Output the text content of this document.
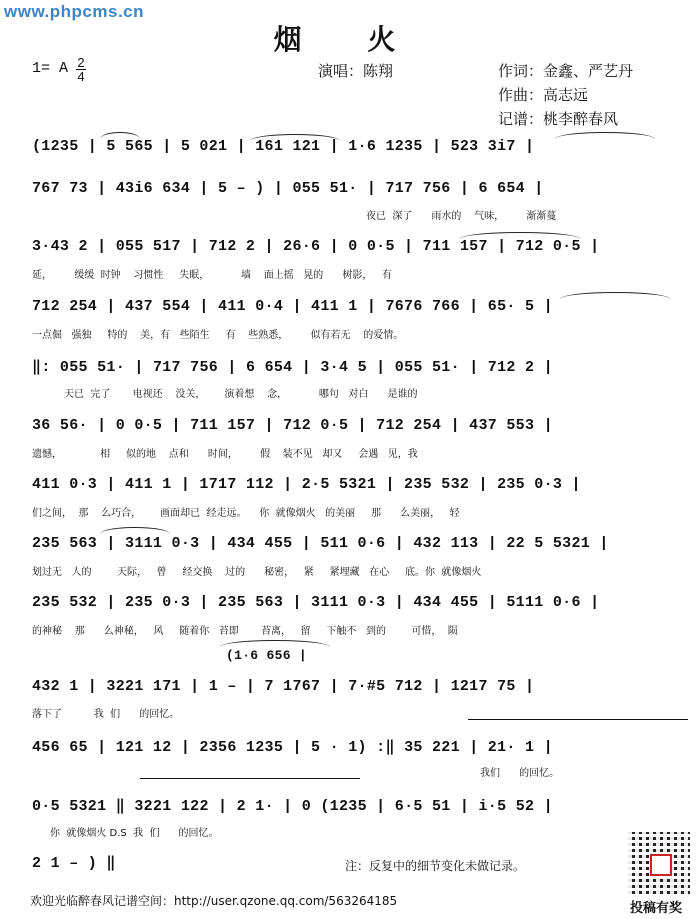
www.phpcms.cn
烟 火
1= A 2
4	演唱：陈翔	作词：金鑫、严艺丹
作曲：高志远
记谱：桃李醉春风
(1235 | 5 565 | 5 021 | 161 121 | 1·6 1235 | 523 3i7 |
767 73 | 43i6 634 | 5 – ) | 055 51· | 717 756 | 6 654 |
夜已  深了      雨水的    气味，       渐渐蔓
3·43 2 | 055 517 | 712 2 | 26·6 | 0 0·5 | 711 157 | 712 0·5 |
延，       缓缓  时钟    习惯性     失眠，          墙    面上摇   晃的      树影，   有
712 254 | 437 554 | 411 0·4 | 411 1 | 7676 766 | 65· 5 |
一点倔   强独     特的    美，有   些陌生     有    些熟悉，       似有若无    的爱情。
‖: 055 51· | 717 756 | 6 654 | 3·4 5 | 055 51· | 712 2 |
天已  完了       电视还    没关，      演着想    念，          哪句   对白      是谁的
36 56· | 0 0·5 | 711 157 | 712 0·5 | 712 254 | 437 553 |
遗憾，            相     似的地    点和      时间，       假    装不见   却又     会遇   见，我
411 0·3 | 411 1 | 1717 112 | 2·5 5321 | 235 532 | 235 0·3 |
们之间，  那    么巧合，      画面却已  经走远。    你  就像烟火   的美丽     那      么美丽，   轻
235 563 | 3111 0·3 | 434 455 | 511 0·6 | 432 113 | 22 5 5321 |
划过无   人的        天际，   曾     经交换    过的      秘密，   紧     紧埋藏   在心     底。你  就像烟火
235 532 | 235 0·3 | 235 563 | 3111 0·3 | 434 455 | 5111 0·6 |
的神秘    那      么神秘，   风     随着你   苔即       苔离，   留     下触不   到的        可惜，  陨
(1·6 656 |
432 1 | 3221 171 | 1 – | 7 1767 | 7·#5 712 | 1217 75 |
落下了          我  们      的回忆。
456 65 | 121 12 | 2356 1235 | 5 · 1) :‖ 35 221 | 21· 1 |
我们      的回忆。
0·5 5321 ‖ 3221 122 | 2 1· | 0 (1235 | 6·5 51 | i·5 52 |
你  就像烟火 D.S  我  们      的回忆。
2 1 – ) ‖	注：反复中的细节变化未做记录。
欢迎光临醉春风记谱空间：http://user.qzone.qq.com/563264185	投稿有奖
